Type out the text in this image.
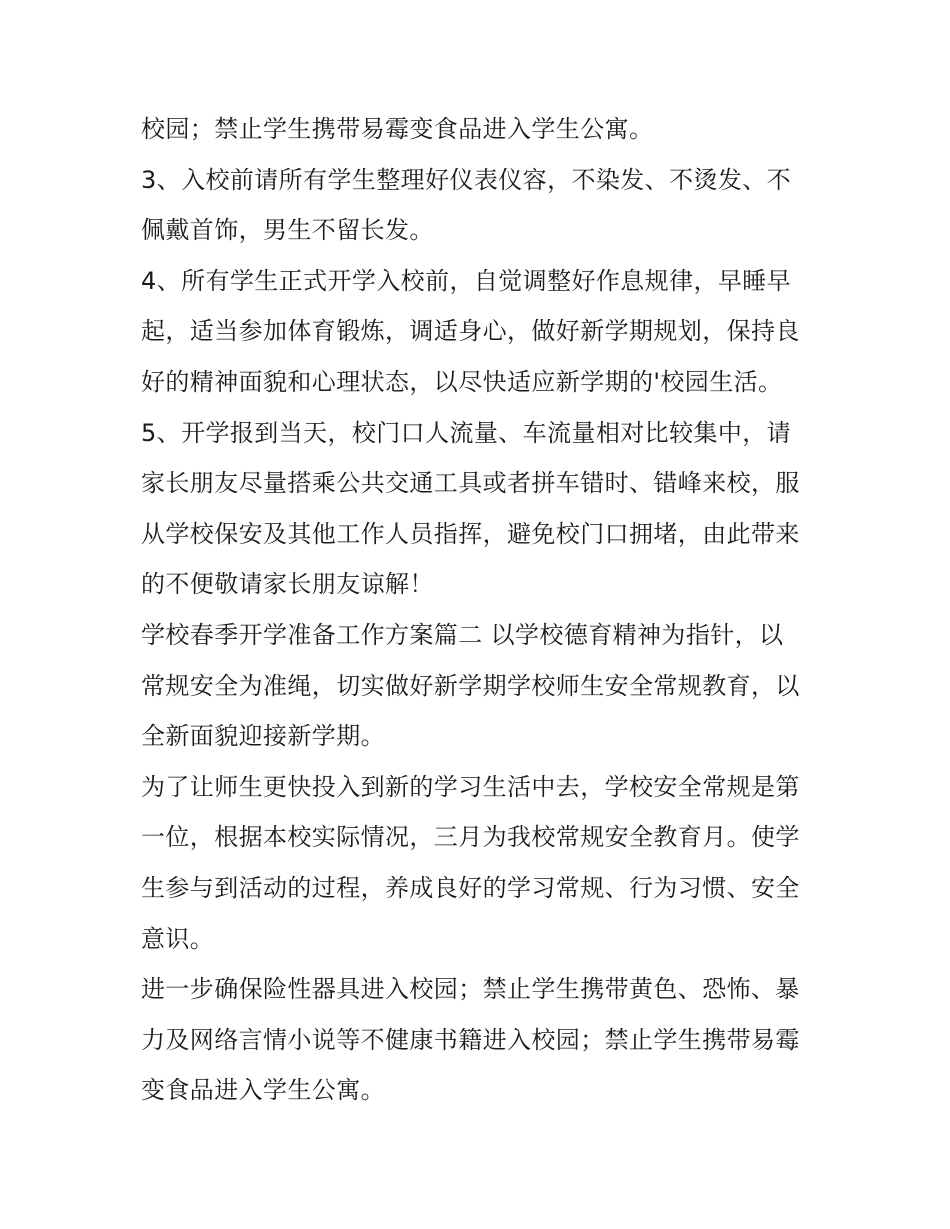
校园；禁止学生携带易霉变食品进入学生公寓。
3、入校前请所有学生整理好仪表仪容，不染发、不烫发、不
佩戴首饰，男生不留长发。
4、所有学生正式开学入校前，自觉调整好作息规律，早睡早
起，适当参加体育锻炼，调适身心，做好新学期规划，保持良
好的精神面貌和心理状态，以尽快适应新学期的'校园生活。
5、开学报到当天，校门口人流量、车流量相对比较集中，请
家长朋友尽量搭乘公共交通工具或者拼车错时、错峰来校，服
从学校保安及其他工作人员指挥，避免校门口拥堵，由此带来
的不便敬请家长朋友谅解！
学校春季开学准备工作方案篇二 以学校德育精神为指针，以
常规安全为准绳，切实做好新学期学校师生安全常规教育，以
全新面貌迎接新学期。
为了让师生更快投入到新的学习生活中去，学校安全常规是第
一位，根据本校实际情况，三月为我校常规安全教育月。使学
生参与到活动的过程，养成良好的学习常规、行为习惯、安全
意识。
进一步确保险性器具进入校园；禁止学生携带黄色、恐怖、暴
力及网络言情小说等不健康书籍进入校园；禁止学生携带易霉
变食品进入学生公寓。
